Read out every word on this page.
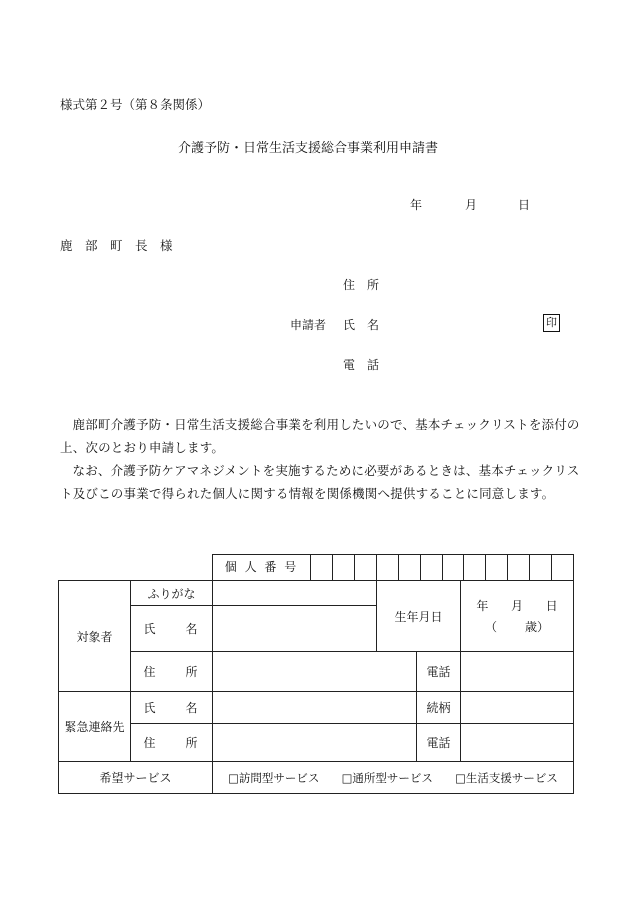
様式第２号（第８条関係）
介護予防・日常生活支援総合事業利用申請書
年	月	日
鹿　部　町　長　様
住　所
申請者 氏　名	印
電　話

鹿部町介護予防・日常生活支援総合事業を利用したいので、基本チェックリストを添付の上、次のとおり申請します。

なお、介護予防ケアマネジメントを実施するために必要があるときは、基本チェックリスト及びこの事業で得られた個人に関する情報を関係機関へ提供することに同意します。

		個 人 番 号			

対象者	ふりがな		生年月日		年 月 日
（ 歳）

	氏　　名				
	住　　所			電話	
緊急連絡先	氏　　名			続柄	
	住　　所			電話	
希望サービス		□訪問型サービス □通所型サービス □生活支援サービス			
